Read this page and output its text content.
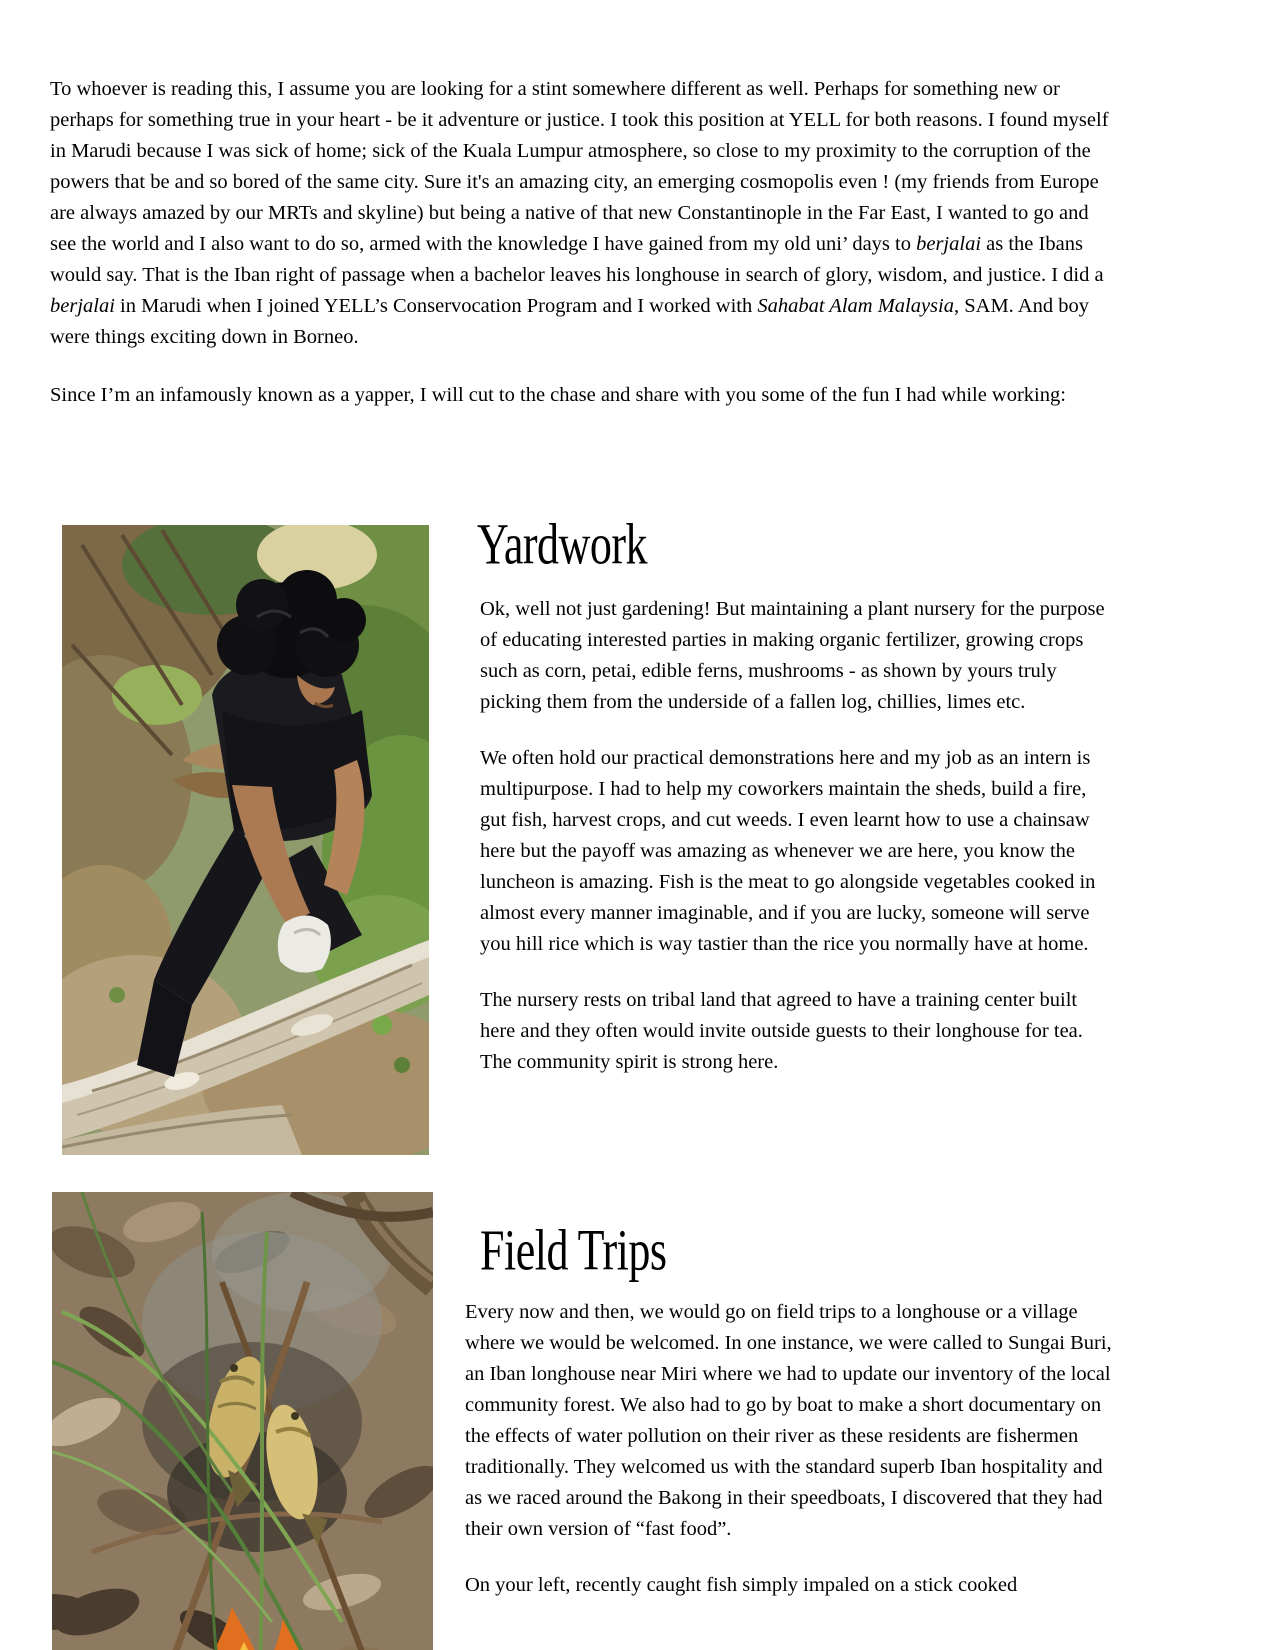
To whoever is reading this, I assume you are looking for a stint somewhere different as well. Perhaps for something new or perhaps for something true in your heart - be it adventure or justice. I took this position at YELL for both reasons. I found myself in Marudi because I was sick of home; sick of the Kuala Lumpur atmosphere, so close to my proximity to the corruption of the powers that be and so bored of the same city. Sure it's an amazing city, an emerging cosmopolis even ! (my friends from Europe are always amazed by our MRTs and skyline) but being a native of that new Constantinople in the Far East, I wanted to go and see the world and I also want to do so, armed with the knowledge I have gained from my old uni’ days to berjalai as the Ibans would say. That is the Iban right of passage when a bachelor leaves his longhouse in search of glory, wisdom, and justice. I did a berjalai in Marudi when I joined YELL’s Conservocation Program and I worked with Sahabat Alam Malaysia, SAM. And boy were things exciting down in Borneo.

Since I’m an infamously known as a yapper, I will cut to the chase and share with you some of the fun I had while working:

Yardwork

Ok, well not just gardening! But maintaining a plant nursery for the purpose of educating interested parties in making organic fertilizer, growing crops such as corn, petai, edible ferns, mushrooms - as shown by yours truly picking them from the underside of a fallen log, chillies, limes etc.

We often hold our practical demonstrations here and my job as an intern is multipurpose. I had to help my coworkers maintain the sheds, build a fire, gut fish, harvest crops, and cut weeds. I even learnt how to use a chainsaw here but the payoff was amazing as whenever we are here, you know the luncheon is amazing. Fish is the meat to go alongside vegetables cooked in almost every manner imaginable, and if you are lucky, someone will serve you hill rice which is way tastier than the rice you normally have at home.

The nursery rests on tribal land that agreed to have a training center built here and they often would invite outside guests to their longhouse for tea. The community spirit is strong here.

Field Trips

Every now and then, we would go on field trips to a longhouse or a village where we would be welcomed. In one instance, we were called to Sungai Buri, an Iban longhouse near Miri where we had to update our inventory of the local community forest. We also had to go by boat to make a short documentary on the effects of water pollution on their river as these residents are fishermen traditionally. They welcomed us with the standard superb Iban hospitality and as we raced around the Bakong in their speedboats, I discovered that they had their own version of “fast food”.

On your left, recently caught fish simply impaled on a stick cooked
